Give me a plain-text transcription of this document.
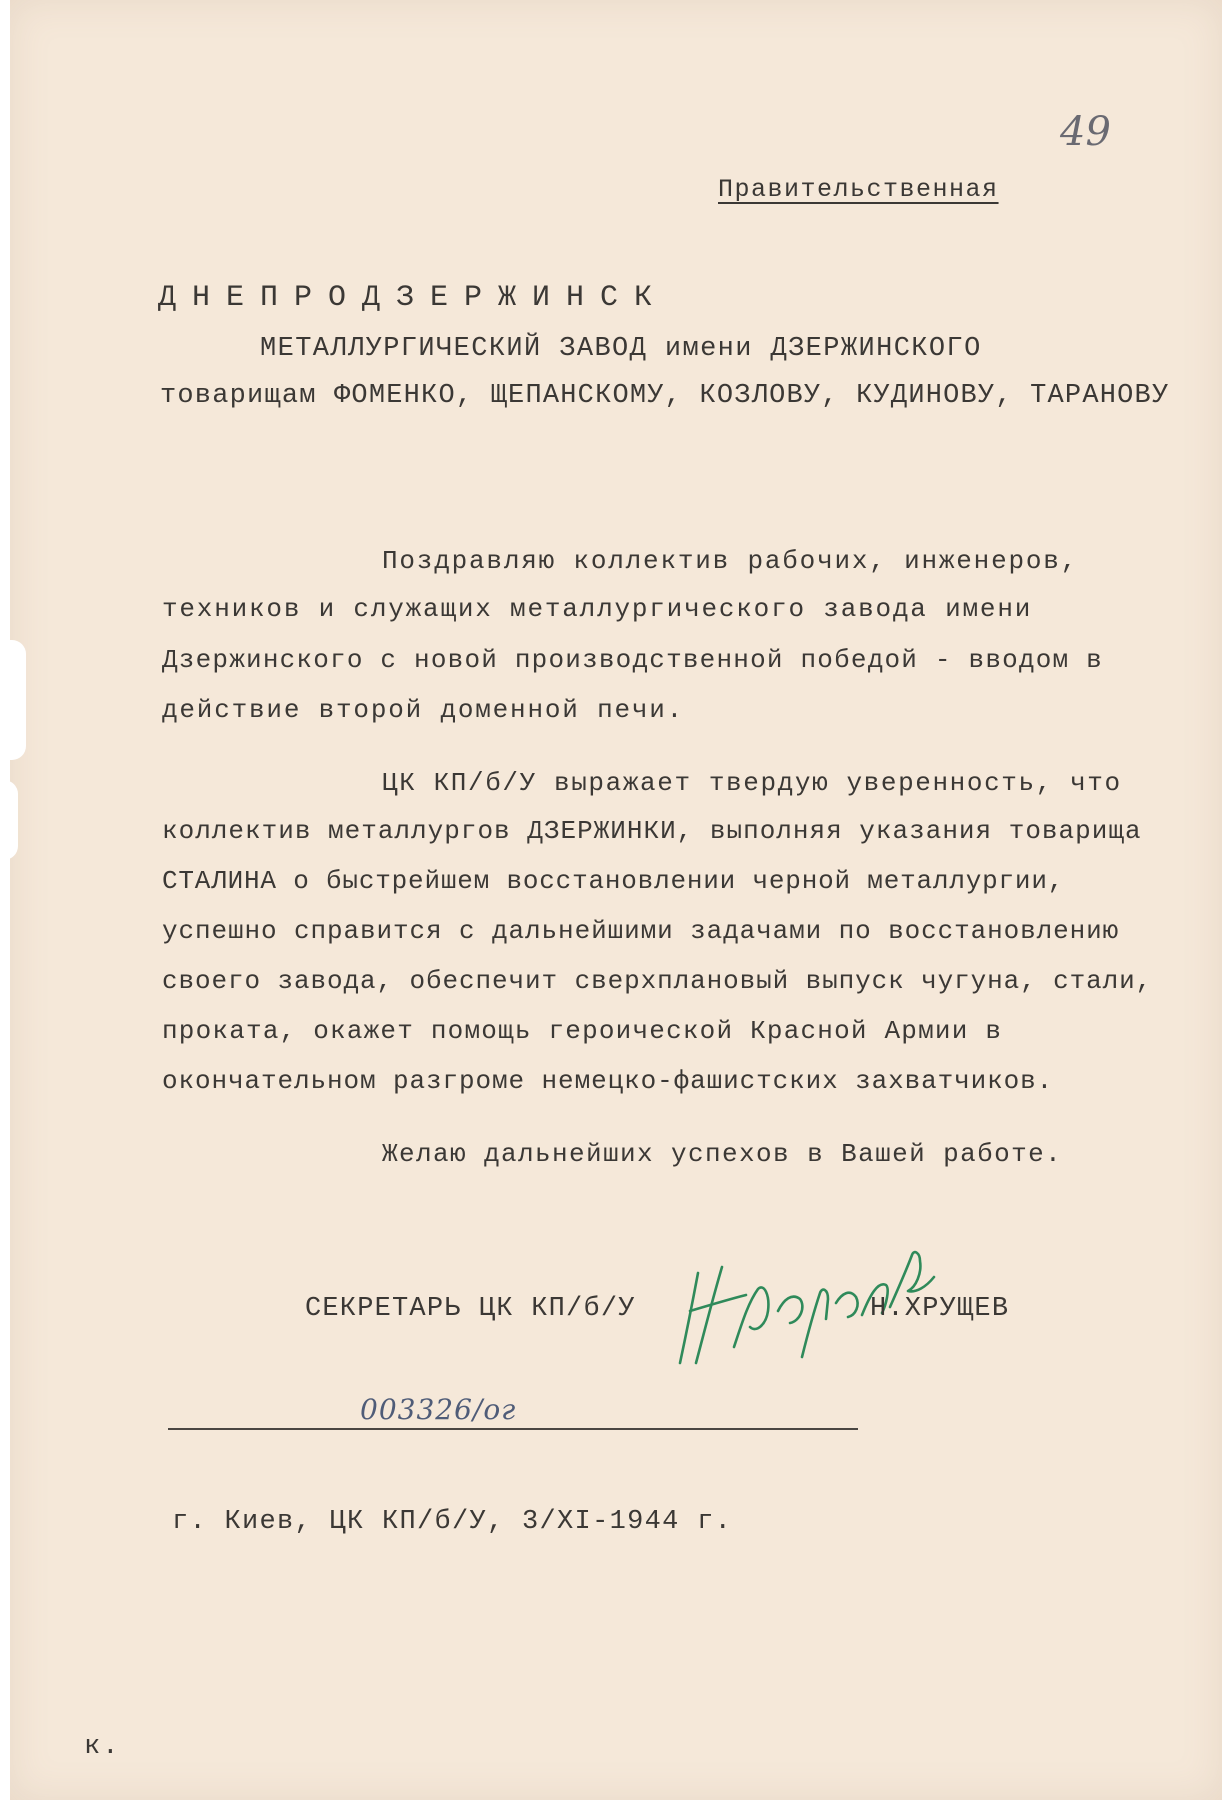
49
Правительственная
ДНЕПРОДЗЕРЖИНСК
МЕТАЛЛУРГИЧЕСКИЙ ЗАВОД имени ДЗЕРЖИНСКОГО
товарищам ФОМЕНКО, ЩЕПАНСКОМУ, КОЗЛОВУ, КУДИНОВУ, ТАРАНОВУ
Поздравляю коллектив рабочих, инженеров,
техников и служащих металлургического завода имени
Дзержинского с новой производственной победой - вводом в
действие второй доменной печи.
ЦК КП/б/У выражает твердую уверенность, что
коллектив металлургов ДЗЕРЖИНКИ, выполняя указания товарища
СТАЛИНА о быстрейшем восстановлении черной металлургии,
успешно справится с дальнейшими задачами по восстановлению
своего завода, обеспечит сверхплановый выпуск чугуна, стали,
проката, окажет помощь героической Красной Армии в
окончательном разгроме немецко-фашистских захватчиков.
Желаю дальнейших успехов в Вашей работе.
СЕКРЕТАРЬ ЦК КП/б/У	Н.ХРУЩЕВ
003326/ог
г. Киев, ЦК КП/б/У, 3/XI-1944 г.
к.
